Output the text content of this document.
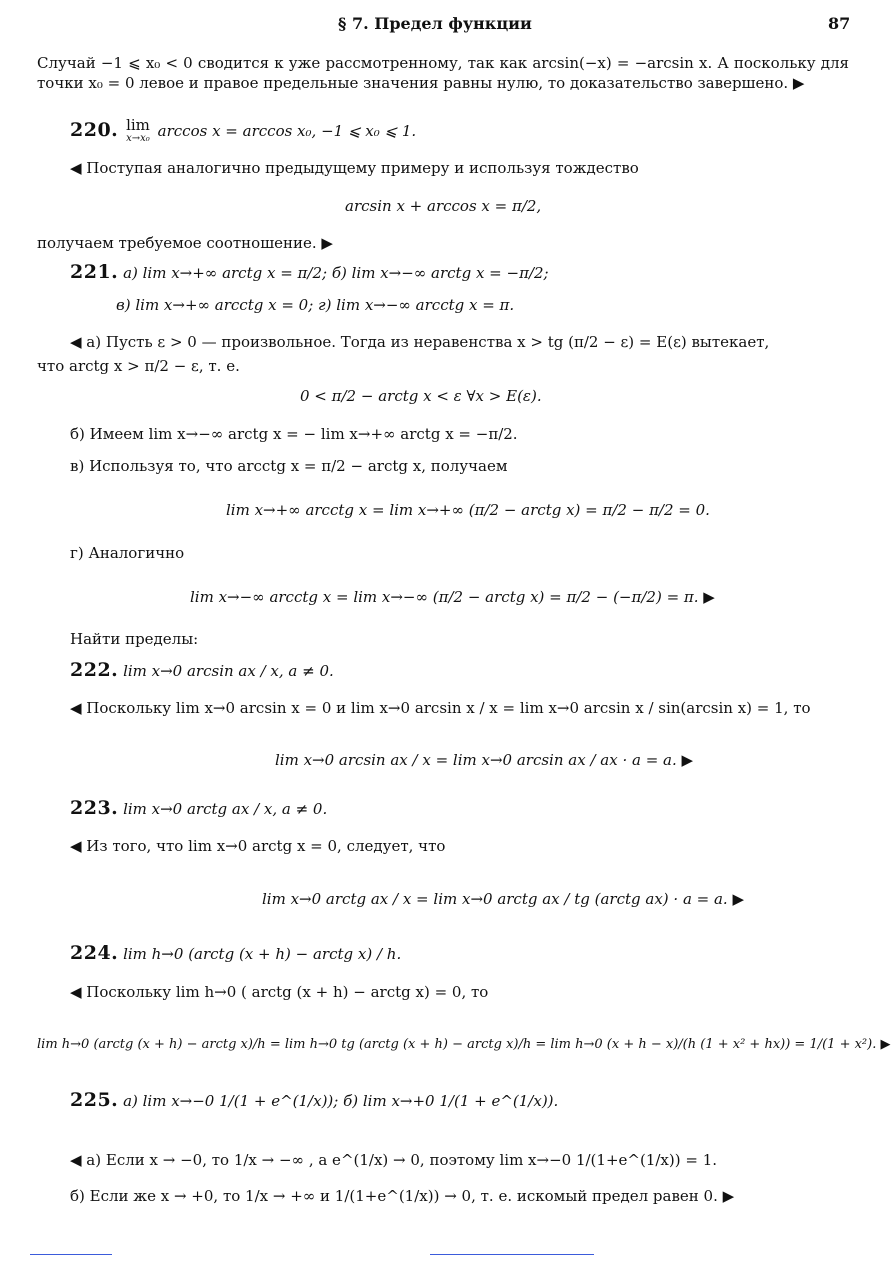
§ 7. Предел функции	87
Случай −1 ⩽ x₀ < 0 сводится к уже рассмотренному, так как arcsin(−x) = −arcsin x. А поскольку для точки x₀ = 0 левое и правое предельные значения равны нулю, то доказательство завершено. ▶
220. lim
x→x₀ arccos x = arccos x₀, −1 ⩽ x₀ ⩽ 1.
◀ Поступая аналогично предыдущему примеру и используя тождество
arcsin x + arccos x = π/2,
получаем требуемое соотношение. ▶
221. а) lim x→+∞ arctg x = π/2; б) lim x→−∞ arctg x = −π/2;
в) lim x→+∞ arcctg x = 0; г) lim x→−∞ arcctg x = π.
◀ а) Пусть ε > 0 — произвольное. Тогда из неравенства x > tg (π/2 − ε) = E(ε) вытекает,
что arctg x > π/2 − ε, т. е.
0 < π/2 − arctg x < ε ∀x > E(ε).
б) Имеем lim x→−∞ arctg x = − lim x→+∞ arctg x = −π/2.
в) Используя то, что arcctg x = π/2 − arctg x, получаем
lim x→+∞ arcctg x = lim x→+∞ (π/2 − arctg x) = π/2 − π/2 = 0.
г) Аналогично
lim x→−∞ arcctg x = lim x→−∞ (π/2 − arctg x) = π/2 − (−π/2) = π. ▶
Найти пределы:
222. lim x→0 arcsin ax / x, a ≠ 0.
◀ Поскольку lim x→0 arcsin x = 0 и lim x→0 arcsin x / x = lim x→0 arcsin x / sin(arcsin x) = 1, то
lim x→0 arcsin ax / x = lim x→0 arcsin ax / ax · a = a. ▶
223. lim x→0 arctg ax / x, a ≠ 0.
◀ Из того, что lim x→0 arctg x = 0, следует, что
lim x→0 arctg ax / x = lim x→0 arctg ax / tg (arctg ax) · a = a. ▶
224. lim h→0 (arctg (x + h) − arctg x) / h.
◀ Поскольку lim h→0 ( arctg (x + h) − arctg x) = 0, то
lim h→0 (arctg (x + h) − arctg x)/h = lim h→0 tg (arctg (x + h) − arctg x)/h = lim h→0 (x + h − x)/(h (1 + x² + hx)) = 1/(1 + x²). ▶
225. а) lim x→−0 1/(1 + e^(1/x)); б) lim x→+0 1/(1 + e^(1/x)).
◀ а) Если x → −0, то 1/x → −∞ , а e^(1/x) → 0, поэтому lim x→−0 1/(1+e^(1/x)) = 1.
б) Если же x → +0, то 1/x → +∞ и 1/(1+e^(1/x)) → 0, т. е. искомый предел равен 0. ▶
